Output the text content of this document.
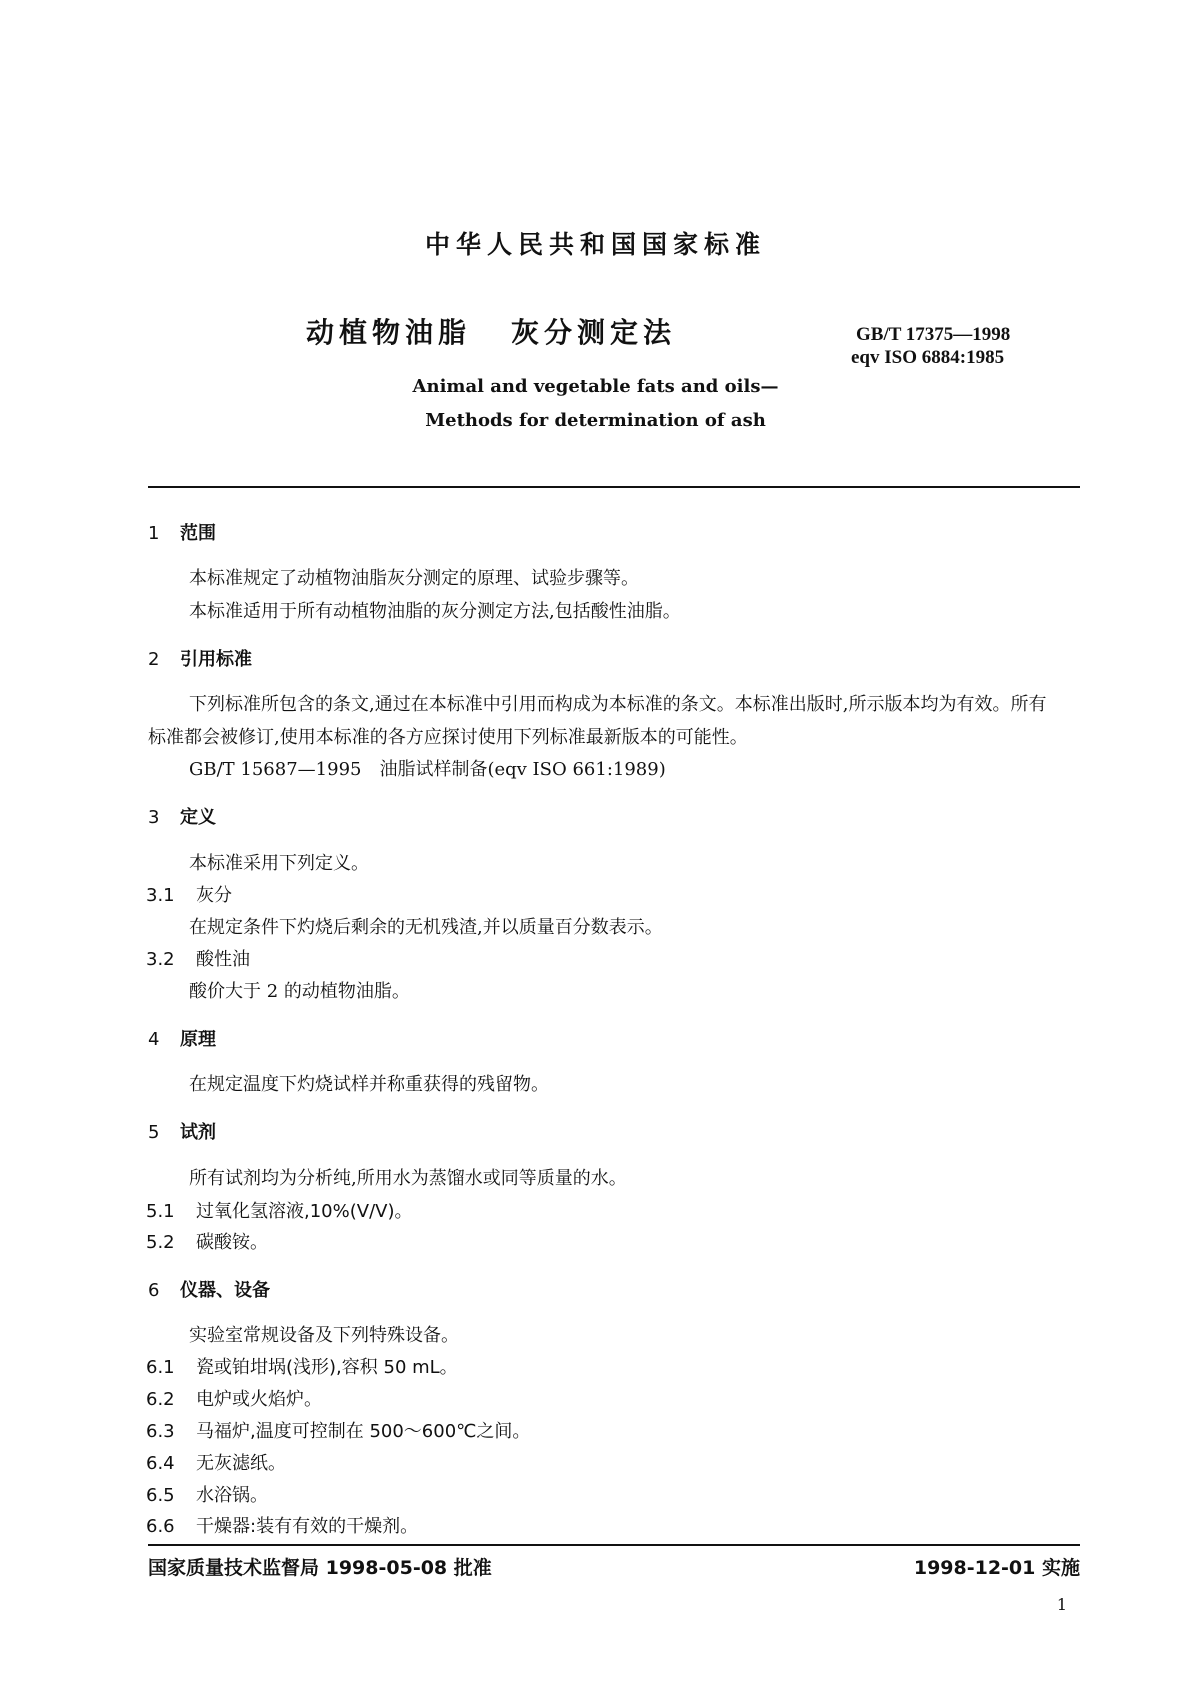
中华人民共和国国家标准
动植物油脂 灰分测定法	GB/T 17375—1998
eqv ISO 6884:1985
Animal and vegetable fats and oils—
Methods for determination of ash
1 范围
本标准规定了动植物油脂灰分测定的原理、试验步骤等。
本标准适用于所有动植物油脂的灰分测定方法,包括酸性油脂。
2 引用标准
下列标准所包含的条文,通过在本标准中引用而构成为本标准的条文。本标准出版时,所示版本均为有效。所有标准都会被修订,使用本标准的各方应探讨使用下列标准最新版本的可能性。
GB/T 15687—1995　油脂试样制备(eqv ISO 661:1989)
3 定义
本标准采用下列定义。
3.1 灰分
在规定条件下灼烧后剩余的无机残渣,并以质量百分数表示。
3.2 酸性油
酸价大于 2 的动植物油脂。
4 原理
在规定温度下灼烧试样并称重获得的残留物。
5 试剂
所有试剂均为分析纯,所用水为蒸馏水或同等质量的水。
5.1 过氧化氢溶液,10%(V/V)。
5.2 碳酸铵。
6 仪器、设备
实验室常规设备及下列特殊设备。
6.1 瓷或铂坩埚(浅形),容积 50 mL。
6.2 电炉或火焰炉。
6.3 马福炉,温度可控制在 500～600℃之间。
6.4 无灰滤纸。
6.5 水浴锅。
6.6 干燥器:装有有效的干燥剂。
国家质量技术监督局 1998-05-08 批准	1998-12-01 实施
1
